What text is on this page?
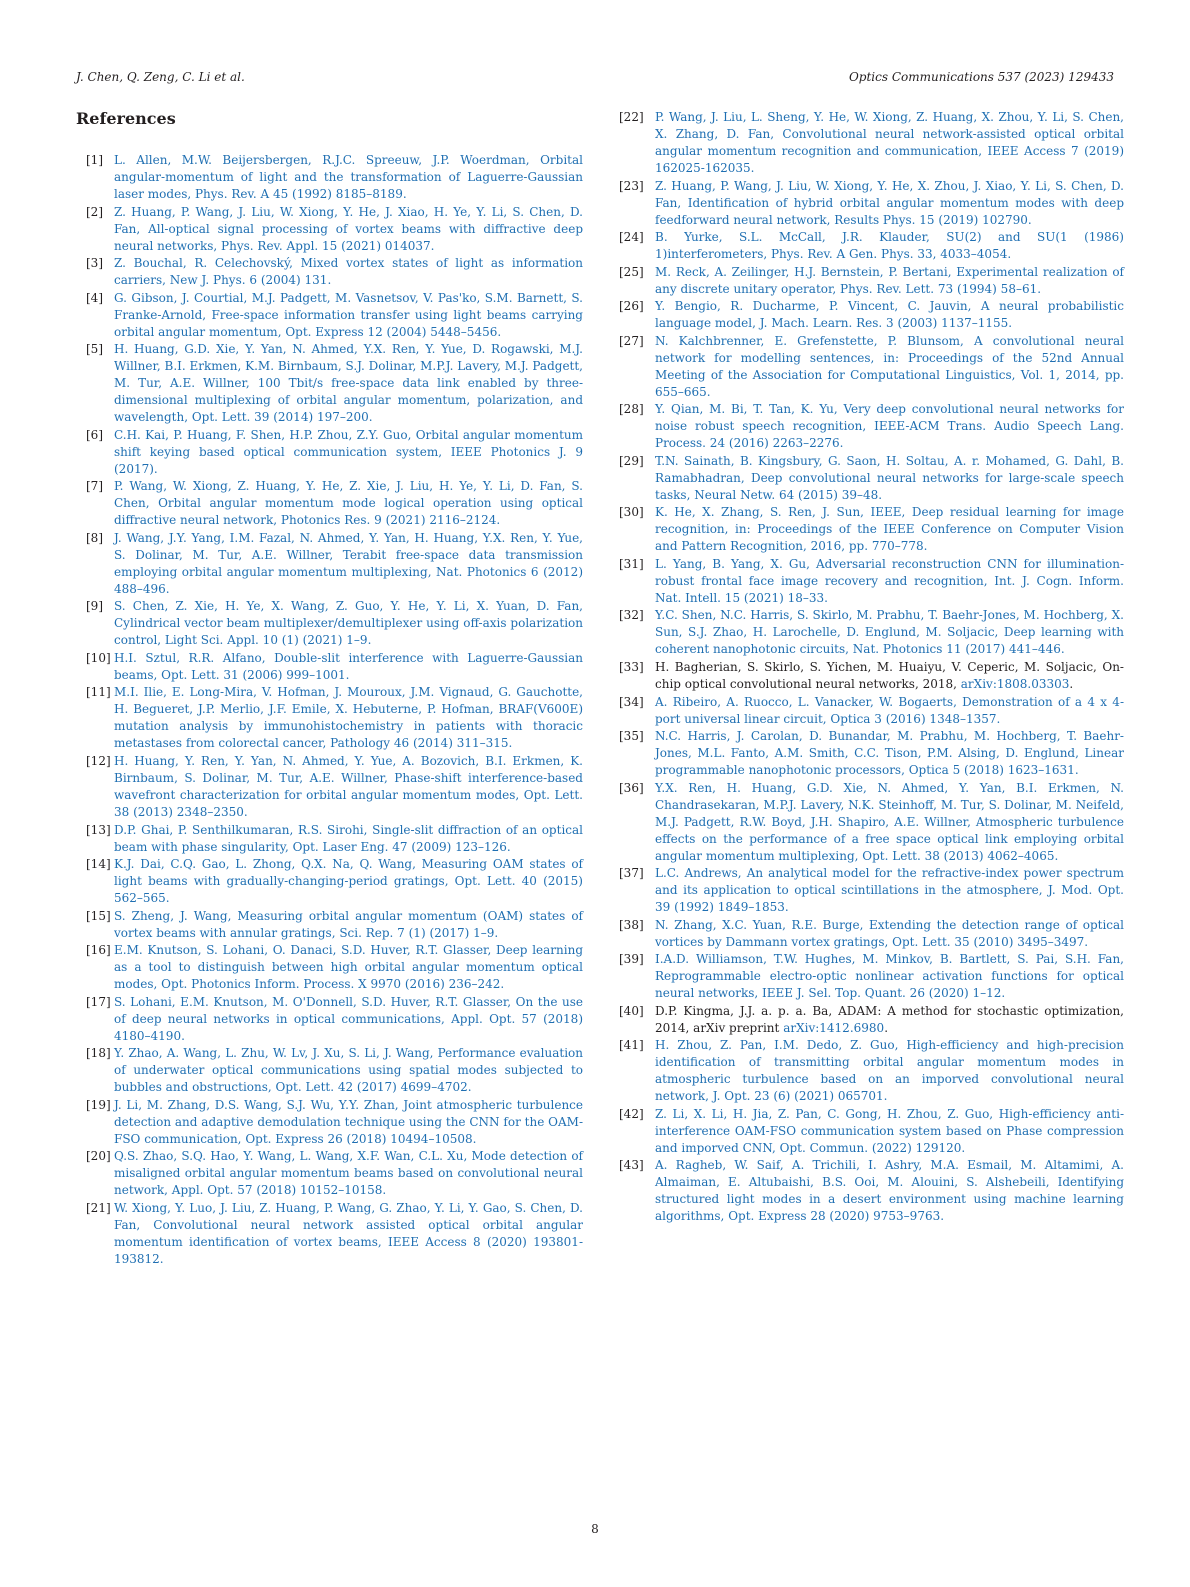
J. Chen, Q. Zeng, C. Li et al.	Optics Communications 537 (2023) 129433
References
[1] L. Allen, M.W. Beijersbergen, R.J.C. Spreeuw, J.P. Woerdman, Orbital angular-momentum of light and the transformation of Laguerre-Gaussian laser modes, Phys. Rev. A 45 (1992) 8185–8189.
[2] Z. Huang, P. Wang, J. Liu, W. Xiong, Y. He, J. Xiao, H. Ye, Y. Li, S. Chen, D. Fan, All-optical signal processing of vortex beams with diffractive deep neural networks, Phys. Rev. Appl. 15 (2021) 014037.
[3] Z. Bouchal, R. Celechovský, Mixed vortex states of light as information carriers, New J. Phys. 6 (2004) 131.
[4] G. Gibson, J. Courtial, M.J. Padgett, M. Vasnetsov, V. Pas'ko, S.M. Barnett, S. Franke-Arnold, Free-space information transfer using light beams carrying orbital angular momentum, Opt. Express 12 (2004) 5448–5456.
[5] H. Huang, G.D. Xie, Y. Yan, N. Ahmed, Y.X. Ren, Y. Yue, D. Rogawski, M.J. Willner, B.I. Erkmen, K.M. Birnbaum, S.J. Dolinar, M.P.J. Lavery, M.J. Padgett, M. Tur, A.E. Willner, 100 Tbit/s free-space data link enabled by three-dimensional multiplexing of orbital angular momentum, polarization, and wavelength, Opt. Lett. 39 (2014) 197–200.
[6] C.H. Kai, P. Huang, F. Shen, H.P. Zhou, Z.Y. Guo, Orbital angular momentum shift keying based optical communication system, IEEE Photonics J. 9 (2017).
[7] P. Wang, W. Xiong, Z. Huang, Y. He, Z. Xie, J. Liu, H. Ye, Y. Li, D. Fan, S. Chen, Orbital angular momentum mode logical operation using optical diffractive neural network, Photonics Res. 9 (2021) 2116–2124.
[8] J. Wang, J.Y. Yang, I.M. Fazal, N. Ahmed, Y. Yan, H. Huang, Y.X. Ren, Y. Yue, S. Dolinar, M. Tur, A.E. Willner, Terabit free-space data transmission employing orbital angular momentum multiplexing, Nat. Photonics 6 (2012) 488–496.
[9] S. Chen, Z. Xie, H. Ye, X. Wang, Z. Guo, Y. He, Y. Li, X. Yuan, D. Fan, Cylindrical vector beam multiplexer/demultiplexer using off-axis polarization control, Light Sci. Appl. 10 (1) (2021) 1–9.
[10] H.I. Sztul, R.R. Alfano, Double-slit interference with Laguerre-Gaussian beams, Opt. Lett. 31 (2006) 999–1001.
[11] M.I. Ilie, E. Long-Mira, V. Hofman, J. Mouroux, J.M. Vignaud, G. Gauchotte, H. Begueret, J.P. Merlio, J.F. Emile, X. Hebuterne, P. Hofman, BRAF(V600E) mutation analysis by immunohistochemistry in patients with thoracic metastases from colorectal cancer, Pathology 46 (2014) 311–315.
[12] H. Huang, Y. Ren, Y. Yan, N. Ahmed, Y. Yue, A. Bozovich, B.I. Erkmen, K. Birnbaum, S. Dolinar, M. Tur, A.E. Willner, Phase-shift interference-based wavefront characterization for orbital angular momentum modes, Opt. Lett. 38 (2013) 2348–2350.
[13] D.P. Ghai, P. Senthilkumaran, R.S. Sirohi, Single-slit diffraction of an optical beam with phase singularity, Opt. Laser Eng. 47 (2009) 123–126.
[14] K.J. Dai, C.Q. Gao, L. Zhong, Q.X. Na, Q. Wang, Measuring OAM states of light beams with gradually-changing-period gratings, Opt. Lett. 40 (2015) 562–565.
[15] S. Zheng, J. Wang, Measuring orbital angular momentum (OAM) states of vortex beams with annular gratings, Sci. Rep. 7 (1) (2017) 1–9.
[16] E.M. Knutson, S. Lohani, O. Danaci, S.D. Huver, R.T. Glasser, Deep learning as a tool to distinguish between high orbital angular momentum optical modes, Opt. Photonics Inform. Process. X 9970 (2016) 236–242.
[17] S. Lohani, E.M. Knutson, M. O'Donnell, S.D. Huver, R.T. Glasser, On the use of deep neural networks in optical communications, Appl. Opt. 57 (2018) 4180–4190.
[18] Y. Zhao, A. Wang, L. Zhu, W. Lv, J. Xu, S. Li, J. Wang, Performance evaluation of underwater optical communications using spatial modes subjected to bubbles and obstructions, Opt. Lett. 42 (2017) 4699–4702.
[19] J. Li, M. Zhang, D.S. Wang, S.J. Wu, Y.Y. Zhan, Joint atmospheric turbulence detection and adaptive demodulation technique using the CNN for the OAM-FSO communication, Opt. Express 26 (2018) 10494–10508.
[20] Q.S. Zhao, S.Q. Hao, Y. Wang, L. Wang, X.F. Wan, C.L. Xu, Mode detection of misaligned orbital angular momentum beams based on convolutional neural network, Appl. Opt. 57 (2018) 10152–10158.
[21] W. Xiong, Y. Luo, J. Liu, Z. Huang, P. Wang, G. Zhao, Y. Li, Y. Gao, S. Chen, D. Fan, Convolutional neural network assisted optical orbital angular momentum identification of vortex beams, IEEE Access 8 (2020) 193801-193812.
[22] P. Wang, J. Liu, L. Sheng, Y. He, W. Xiong, Z. Huang, X. Zhou, Y. Li, S. Chen, X. Zhang, D. Fan, Convolutional neural network-assisted optical orbital angular momentum recognition and communication, IEEE Access 7 (2019) 162025-162035.
[23] Z. Huang, P. Wang, J. Liu, W. Xiong, Y. He, X. Zhou, J. Xiao, Y. Li, S. Chen, D. Fan, Identification of hybrid orbital angular momentum modes with deep feedforward neural network, Results Phys. 15 (2019) 102790.
[24] B. Yurke, S.L. McCall, J.R. Klauder, SU(2) and SU(1 (1986) 1)interferometers, Phys. Rev. A Gen. Phys. 33, 4033–4054.
[25] M. Reck, A. Zeilinger, H.J. Bernstein, P. Bertani, Experimental realization of any discrete unitary operator, Phys. Rev. Lett. 73 (1994) 58–61.
[26] Y. Bengio, R. Ducharme, P. Vincent, C. Jauvin, A neural probabilistic language model, J. Mach. Learn. Res. 3 (2003) 1137–1155.
[27] N. Kalchbrenner, E. Grefenstette, P. Blunsom, A convolutional neural network for modelling sentences, in: Proceedings of the 52nd Annual Meeting of the Association for Computational Linguistics, Vol. 1, 2014, pp. 655–665.
[28] Y. Qian, M. Bi, T. Tan, K. Yu, Very deep convolutional neural networks for noise robust speech recognition, IEEE-ACM Trans. Audio Speech Lang. Process. 24 (2016) 2263–2276.
[29] T.N. Sainath, B. Kingsbury, G. Saon, H. Soltau, A. r. Mohamed, G. Dahl, B. Ramabhadran, Deep convolutional neural networks for large-scale speech tasks, Neural Netw. 64 (2015) 39–48.
[30] K. He, X. Zhang, S. Ren, J. Sun, IEEE, Deep residual learning for image recognition, in: Proceedings of the IEEE Conference on Computer Vision and Pattern Recognition, 2016, pp. 770–778.
[31] L. Yang, B. Yang, X. Gu, Adversarial reconstruction CNN for illumination-robust frontal face image recovery and recognition, Int. J. Cogn. Inform. Nat. Intell. 15 (2021) 18–33.
[32] Y.C. Shen, N.C. Harris, S. Skirlo, M. Prabhu, T. Baehr-Jones, M. Hochberg, X. Sun, S.J. Zhao, H. Larochelle, D. Englund, M. Soljacic, Deep learning with coherent nanophotonic circuits, Nat. Photonics 11 (2017) 441–446.
[33] H. Bagherian, S. Skirlo, S. Yichen, M. Huaiyu, V. Ceperic, M. Soljacic, On-chip optical convolutional neural networks, 2018, arXiv:1808.03303.
[34] A. Ribeiro, A. Ruocco, L. Vanacker, W. Bogaerts, Demonstration of a 4 x 4-port universal linear circuit, Optica 3 (2016) 1348–1357.
[35] N.C. Harris, J. Carolan, D. Bunandar, M. Prabhu, M. Hochberg, T. Baehr-Jones, M.L. Fanto, A.M. Smith, C.C. Tison, P.M. Alsing, D. Englund, Linear programmable nanophotonic processors, Optica 5 (2018) 1623–1631.
[36] Y.X. Ren, H. Huang, G.D. Xie, N. Ahmed, Y. Yan, B.I. Erkmen, N. Chandrasekaran, M.P.J. Lavery, N.K. Steinhoff, M. Tur, S. Dolinar, M. Neifeld, M.J. Padgett, R.W. Boyd, J.H. Shapiro, A.E. Willner, Atmospheric turbulence effects on the performance of a free space optical link employing orbital angular momentum multiplexing, Opt. Lett. 38 (2013) 4062–4065.
[37] L.C. Andrews, An analytical model for the refractive-index power spectrum and its application to optical scintillations in the atmosphere, J. Mod. Opt. 39 (1992) 1849–1853.
[38] N. Zhang, X.C. Yuan, R.E. Burge, Extending the detection range of optical vortices by Dammann vortex gratings, Opt. Lett. 35 (2010) 3495–3497.
[39] I.A.D. Williamson, T.W. Hughes, M. Minkov, B. Bartlett, S. Pai, S.H. Fan, Reprogrammable electro-optic nonlinear activation functions for optical neural networks, IEEE J. Sel. Top. Quant. 26 (2020) 1–12.
[40] D.P. Kingma, J.J. a. p. a. Ba, ADAM: A method for stochastic optimization, 2014, arXiv preprint arXiv:1412.6980.
[41] H. Zhou, Z. Pan, I.M. Dedo, Z. Guo, High-efficiency and high-precision identification of transmitting orbital angular momentum modes in atmospheric turbulence based on an imporved convolutional neural network, J. Opt. 23 (6) (2021) 065701.
[42] Z. Li, X. Li, H. Jia, Z. Pan, C. Gong, H. Zhou, Z. Guo, High-efficiency anti-interference OAM-FSO communication system based on Phase compression and imporved CNN, Opt. Commun. (2022) 129120.
[43] A. Ragheb, W. Saif, A. Trichili, I. Ashry, M.A. Esmail, M. Altamimi, A. Almaiman, E. Altubaishi, B.S. Ooi, M. Alouini, S. Alshebeili, Identifying structured light modes in a desert environment using machine learning algorithms, Opt. Express 28 (2020) 9753–9763.
8
